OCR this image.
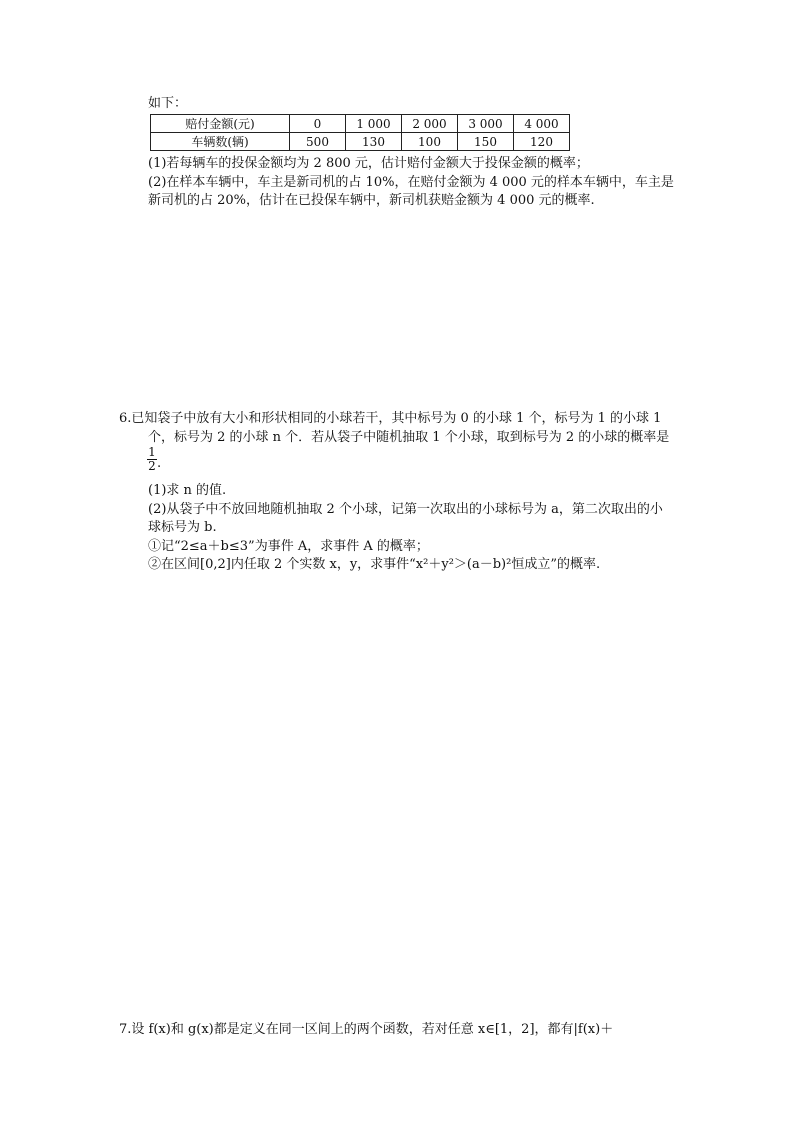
如下：
赔付金额(元)	0	1 000	2 000	3 000	4 000
车辆数(辆)	500	130	100	150	120
(1)若每辆车的投保金额均为 2 800 元，估计赔付金额大于投保金额的概率；
(2)在样本车辆中，车主是新司机的占 10%，在赔付金额为 4 000 元的样本车辆中，车主是
新司机的占 20%，估计在已投保车辆中，新司机获赔金额为 4 000 元的概率.
6.已知袋子中放有大小和形状相同的小球若干，其中标号为 0 的小球 1 个，标号为 1 的小球 1
个，标号为 2 的小球 n 个．若从袋子中随机抽取 1 个小球，取到标号为 2 的小球的概率是
$\frac{1}{2}$ .
(1)求 n 的值.
(2)从袋子中不放回地随机抽取 2 个小球，记第一次取出的小球标号为 a，第二次取出的小
球标号为 b.
①记“2≤a＋b≤3”为事件 A，求事件 A 的概率；
②在区间[0,2]内任取 2 个实数 x，y，求事件“x²＋y²＞(a－b)²恒成立”的概率.
7.设 f(x)和 g(x)都是定义在同一区间上的两个函数，若对任意 x∈[1，2]，都有|f(x)＋
